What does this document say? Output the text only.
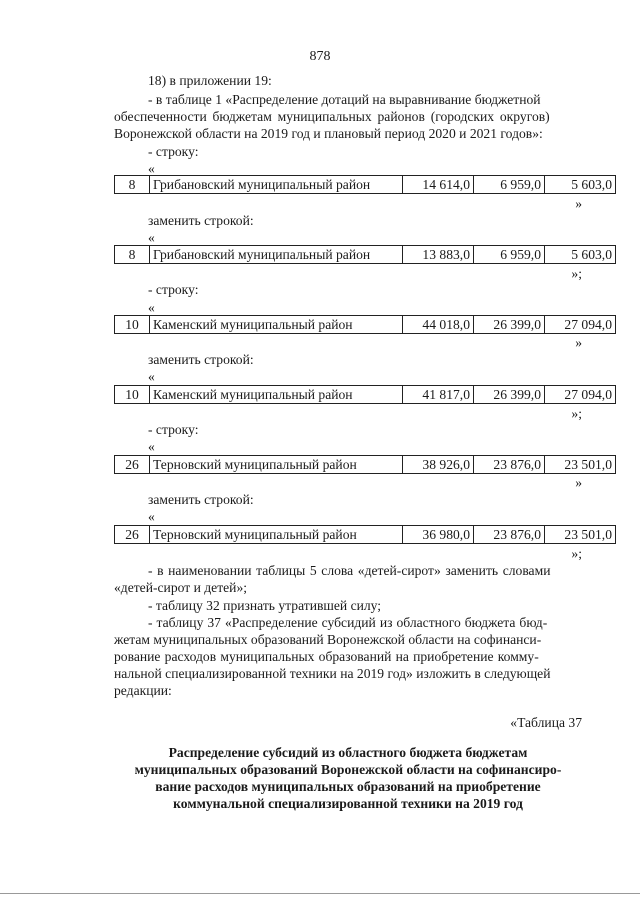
878
18) в приложении 19:
- в таблице 1 «Распределение дотаций на выравнивание бюджетной
обеспеченности бюджетам муниципальных районов (городских округов)
Воронежской области на 2019 год и плановый период 2020 и 2021 годов»:
- строку:
«
8	Грибановский муниципальный район	14 614,0	6 959,0	5 603,0
»
заменить строкой:
«
8	Грибановский муниципальный район	13 883,0	6 959,0	5 603,0
»;
- строку:
«
10	Каменский муниципальный район	44 018,0	26 399,0	27 094,0
»
заменить строкой:
«
10	Каменский муниципальный район	41 817,0	26 399,0	27 094,0
»;
- строку:
«
26	Терновский муниципальный район	38 926,0	23 876,0	23 501,0
»
заменить строкой:
«
26	Терновский муниципальный район	36 980,0	23 876,0	23 501,0
»;
- в наименовании таблицы 5 слова «детей-сирот» заменить словами
«детей-сирот и детей»;
- таблицу 32 признать утратившей силу;
- таблицу 37 «Распределение субсидий из областного бюджета бюд-
жетам муниципальных образований Воронежской области на софинанси-
рование расходов муниципальных образований на приобретение комму-
нальной специализированной техники на 2019 год» изложить в следующей
редакции:
«Таблица 37
Распределение субсидий из областного бюджета бюджетам
муниципальных образований Воронежской области на софинансиро-
вание расходов муниципальных образований на приобретение
коммунальной специализированной техники на 2019 год
